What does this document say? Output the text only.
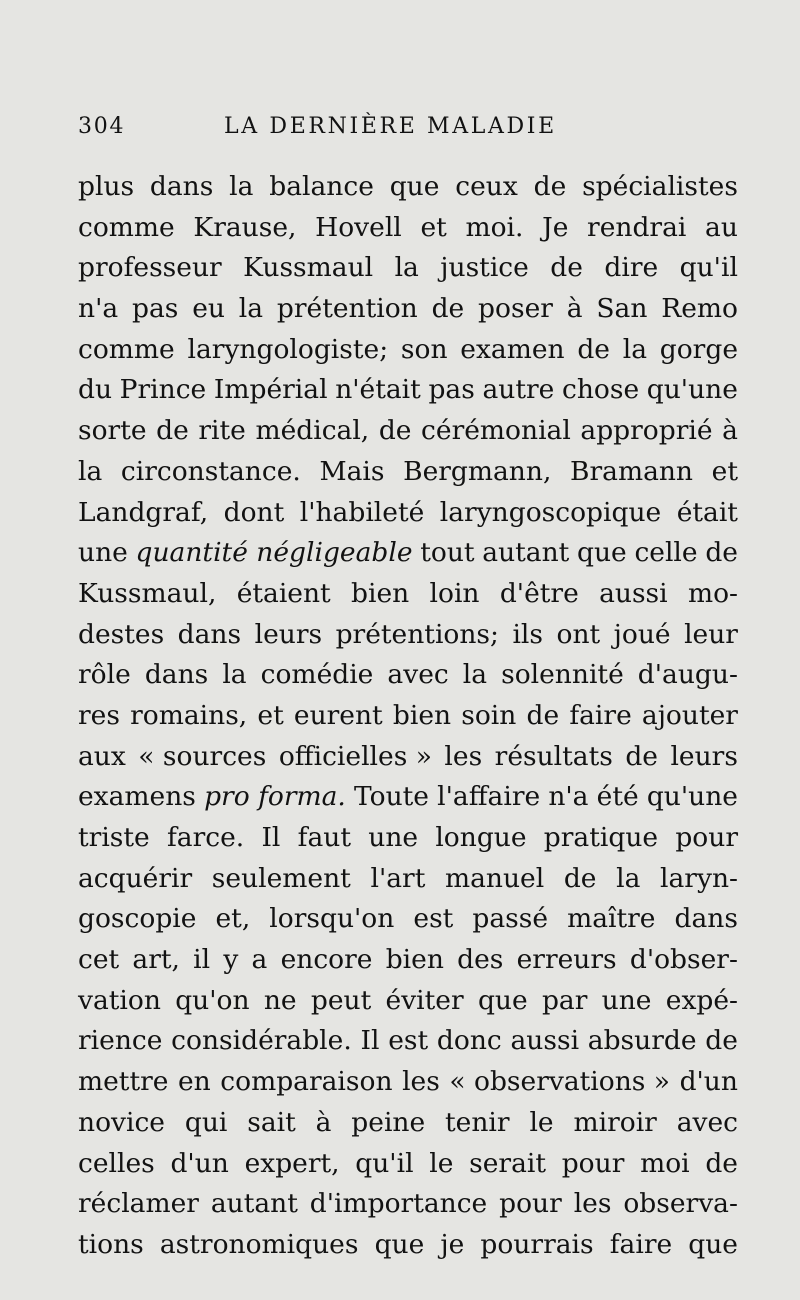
304	LA DERNIÈRE MALADIE
plus dans la balance que ceux de spécialistes
comme Krause, Hovell et moi. Je rendrai au
professeur Kussmaul la justice de dire qu'il
n'a pas eu la prétention de poser à San Remo
comme laryngologiste; son examen de la gorge
du Prince Impérial n'était pas autre chose qu'une
sorte de rite médical, de cérémonial approprié à
la circonstance. Mais Bergmann, Bramann et
Landgraf, dont l'habileté laryngoscopique était
une quantité négligeable tout autant que celle de
Kussmaul, étaient bien loin d'être aussi mo-
destes dans leurs prétentions; ils ont joué leur
rôle dans la comédie avec la solennité d'augu-
res romains, et eurent bien soin de faire ajouter
aux « sources officielles » les résultats de leurs
examens pro forma. Toute l'affaire n'a été qu'une
triste farce. Il faut une longue pratique pour
acquérir seulement l'art manuel de la laryn-
goscopie et, lorsqu'on est passé maître dans
cet art, il y a encore bien des erreurs d'obser-
vation qu'on ne peut éviter que par une expé-
rience considérable. Il est donc aussi absurde de
mettre en comparaison les « observations » d'un
novice qui sait à peine tenir le miroir avec
celles d'un expert, qu'il le serait pour moi de
réclamer autant d'importance pour les observa-
tions astronomiques que je pourrais faire que
